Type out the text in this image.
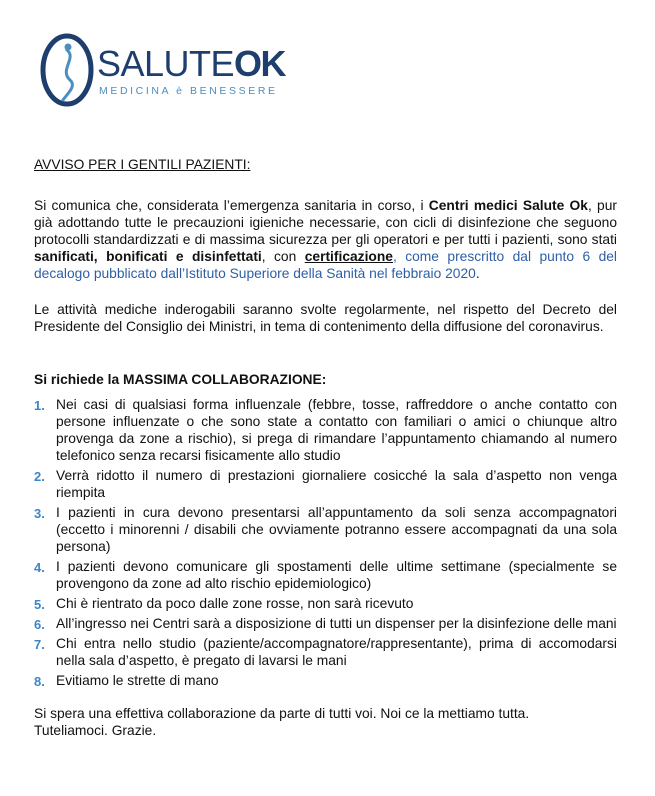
SALUTEOK
MEDICINA è BENESSERE
AVVISO PER I GENTILI PAZIENTI:

Si comunica che, considerata l’emergenza sanitaria in corso, i Centri medici Salute Ok, pur già adottando tutte le precauzioni igieniche necessarie, con cicli di disinfezione che seguono protocolli standardizzati e di massima sicurezza per gli operatori e per tutti i pazienti, sono stati sanificati, bonificati e disinfettati, con certificazione, come prescritto dal punto 6 del decalogo pubblicato dall’Istituto Superiore della Sanità nel febbraio 2020.

Le attività mediche inderogabili saranno svolte regolarmente, nel rispetto del Decreto del Presidente del Consiglio dei Ministri, in tema di contenimento della diffusione del coronavirus.

Si richiede la MASSIMA COLLABORAZIONE:
1. Nei casi di qualsiasi forma influenzale (febbre, tosse, raffreddore o anche contatto con persone influenzate o che sono state a contatto con familiari o amici o chiunque altro provenga da zone a rischio), si prega di rimandare l’appuntamento chiamando al numero telefonico senza recarsi fisicamente allo studio
2. Verrà ridotto il numero di prestazioni giornaliere cosicché la sala d’aspetto non venga riempita
3. I pazienti in cura devono presentarsi all’appuntamento da soli senza accompagnatori (eccetto i minorenni / disabili che ovviamente potranno essere accompagnati da una sola persona)
4. I pazienti devono comunicare gli spostamenti delle ultime settimane (specialmente se provengono da zone ad alto rischio epidemiologico)
5. Chi è rientrato da poco dalle zone rosse, non sarà ricevuto
6. All’ingresso nei Centri sarà a disposizione di tutti un dispenser per la disinfezione delle mani
7. Chi entra nello studio (paziente/accompagnatore/rappresentante), prima di accomodarsi nella sala d’aspetto, è pregato di lavarsi le mani
8. Evitiamo le strette di mano
Si spera una effettiva collaborazione da parte di tutti voi. Noi ce la mettiamo tutta.
Tuteliamoci. Grazie.
